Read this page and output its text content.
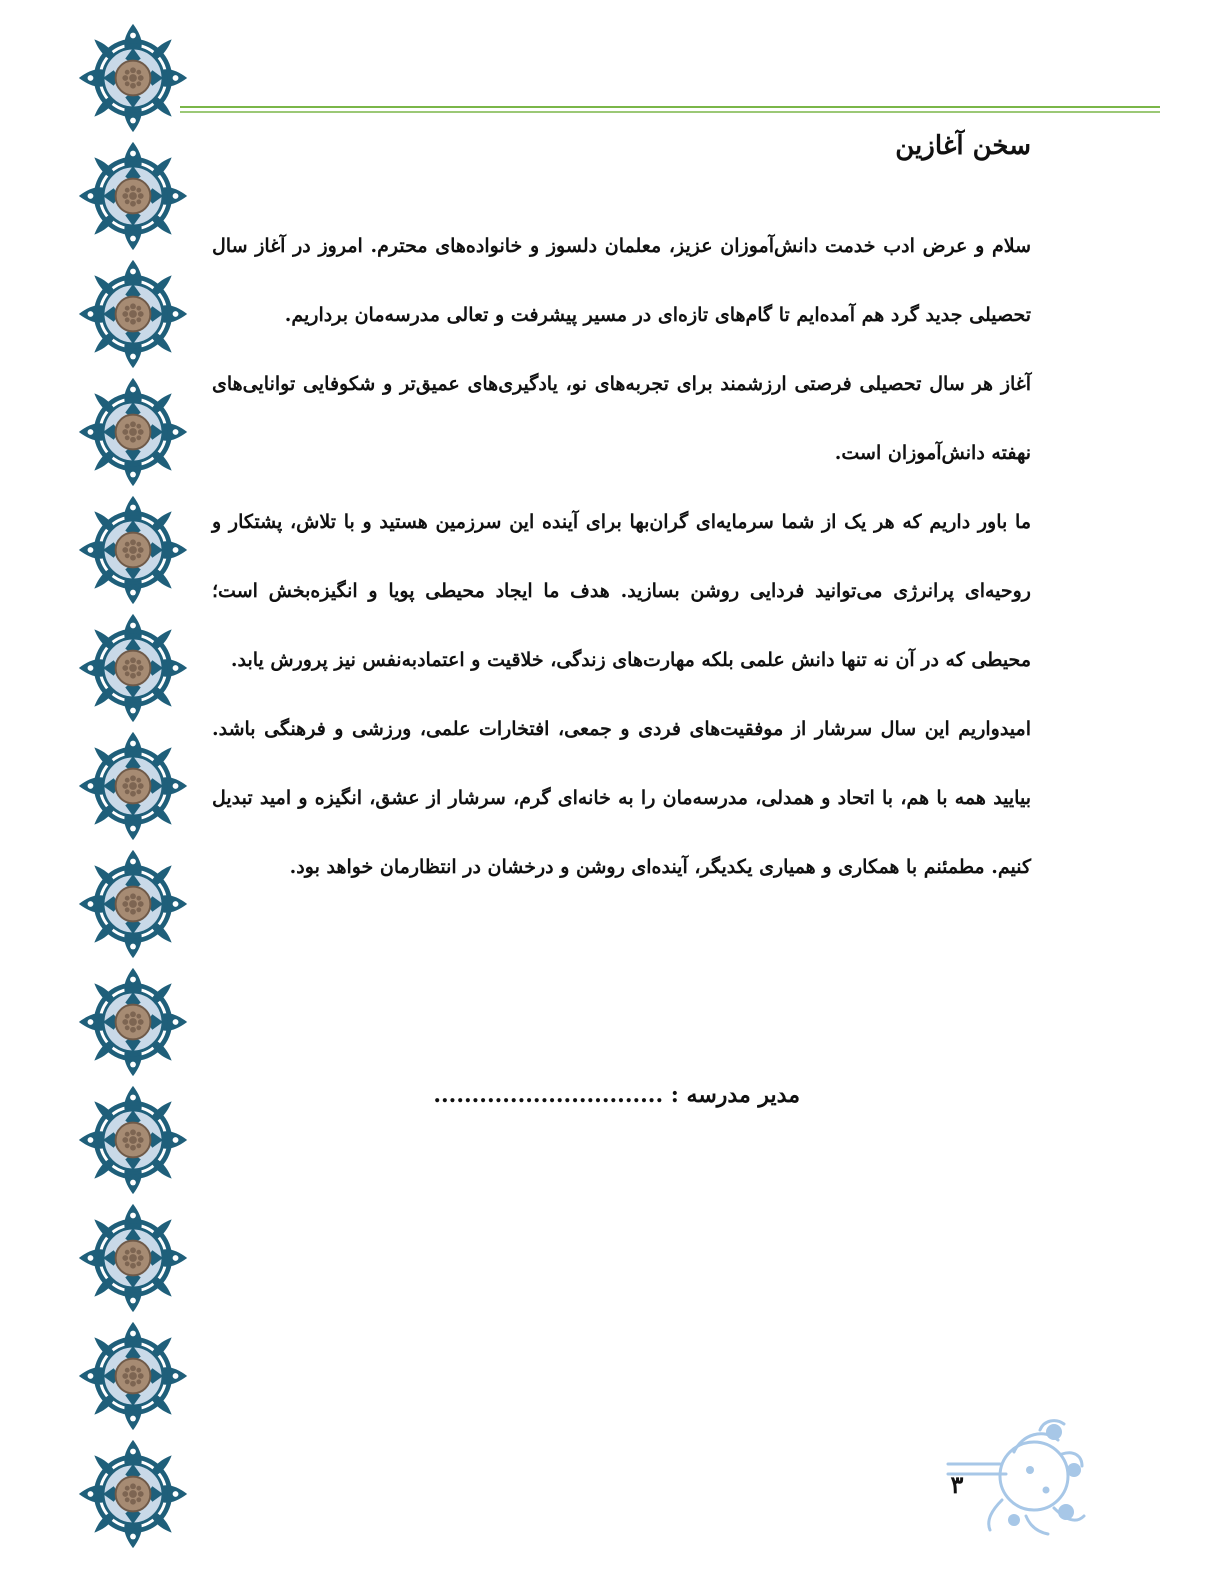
سخن آغازین

سلام و عرض ادب خدمت دانش‌آموزان عزیز، معلمان دلسوز و خانواده‌های محترم. امروز در آغاز سال تحصیلی جدید گرد هم آمده‌ایم تا گام‌های تازه‌ای در مسیر پیشرفت و تعالی مدرسه‌مان برداریم.

آغاز هر سال تحصیلی فرصتی ارزشمند برای تجربه‌های نو، یادگیری‌های عمیق‌تر و شکوفایی توانایی‌های نهفته دانش‌آموزان است.

ما باور داریم که هر یک از شما سرمایه‌ای گران‌بها برای آینده این سرزمین هستید و با تلاش، پشتکار و روحیه‌ای پرانرژی می‌توانید فردایی روشن بسازید. هدف ما ایجاد محیطی پویا و انگیزه‌بخش است؛ محیطی که در آن نه تنها دانش علمی بلکه مهارت‌های زندگی، خلاقیت و اعتمادبه‌نفس نیز پرورش یابد.

امیدواریم این سال سرشار از موفقیت‌های فردی و جمعی، افتخارات علمی، ورزشی و فرهنگی باشد. بیایید همه با هم، با اتحاد و همدلی، مدرسه‌مان را به خانه‌ای گرم، سرشار از عشق، انگیزه و امید تبدیل کنیم. مطمئنم با همکاری و همیاری یکدیگر، آینده‌ای روشن و درخشان در انتظارمان خواهد بود.

مدیر مدرسه : ..............................
۳
